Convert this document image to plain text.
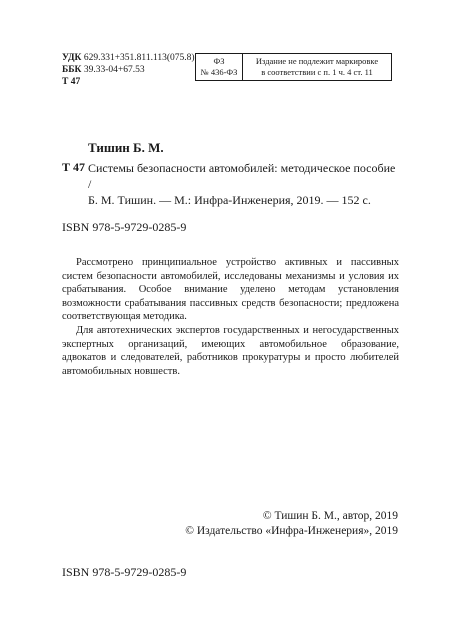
УДК 629.331+351.811.113(075.8)
ББК 39.33-04+67.53
Т 47
ФЗ
№ 436-ФЗ

Издание не подлежит маркировке
в соответствии с п. 1 ч. 4 ст. 11
Тишин Б. М.
Т 47 Системы безопасности автомобилей: методическое пособие /
Б. М. Тишин. — М.: Инфра-Инженерия, 2019. — 152 с.
ISBN 978-5-9729-0285-9

Рассмотрено принципиальное устройство активных и пассивных систем безопасности автомобилей, исследованы механизмы и условия их срабатывания. Особое внимание уделено методам установления возможности срабатывания пассивных средств безопасности; предложена соответствующая методика.

Для автотехнических экспертов государственных и негосударственных экспертных организаций, имеющих автомобильное образование, адвокатов и следователей, работников прокуратуры и просто любителей автомобильных новшеств.

© Тишин Б. М., автор, 2019
© Издательство «Инфра-Инженерия», 2019
ISBN 978-5-9729-0285-9
